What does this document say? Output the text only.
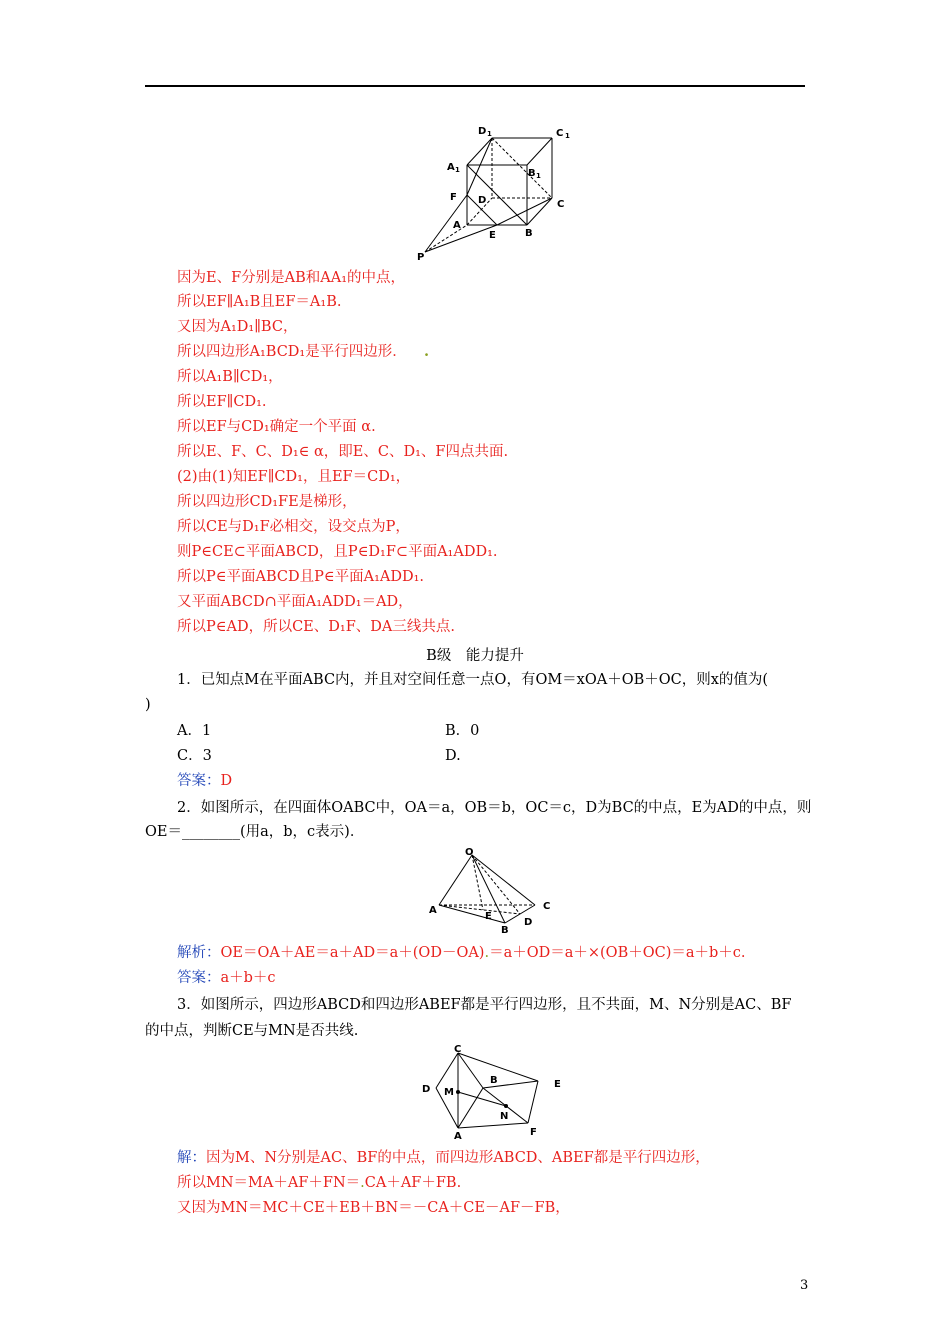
D 1	C 1
A 1	B 1
F D	C
A
E	B
P
因为E、F分别是AB和AA₁的中点，
所以EF∥A₁B且EF＝A₁B.
又因为A₁D₁∥BC，
所以四边形A₁BCD₁是平行四边形． .
所以A₁B∥CD₁，
所以EF∥CD₁.
所以EF与CD₁确定一个平面 α.
所以E、F、C、D₁∈ α，即E、C、D₁、F四点共面.
(2)由(1)知EF∥CD₁，且EF＝CD₁，
所以四边形CD₁FE是梯形，
所以CE与D₁F必相交，设交点为P，
则P∈CE⊂平面ABCD，且P∈D₁F⊂平面A₁ADD₁.
所以P∈平面ABCD且P∈平面A₁ADD₁.
又平面ABCD∩平面A₁ADD₁＝AD，
所以P∈AD，所以CE、D₁F、DA三线共点.
B级　能力提升
1．已知点M在平面ABC内，并且对空间任意一点O，有OM＝xOA＋OB＋OC，则x的值为(
)
A．1	B．0
C．3	D.
答案：D
2．如图所示，在四面体OABC中，OA＝a，OB＝b，OC＝c，D为BC的中点，E为AD的中点，则
OE＝________(用a，b，c表示)．
O
A
E
B
D
C
解析：OE＝OA＋AE＝a＋AD＝a＋(OD－OA).＝a＋OD＝a＋×(OB＋OC)＝a＋b＋c.
答案：a＋b＋c
3．如图所示，四边形ABCD和四边形ABEF都是平行四边形，且不共面，M、N分别是AC、BF
的中点，判断CE与MN是否共线.
C
B	E
D M
N
A	F
解：因为M、N分别是AC、BF的中点，而四边形ABCD、ABEF都是平行四边形，
所以MN＝MA＋AF＋FN＝.CA＋AF＋FB.
又因为MN＝MC＋CE＋EB＋BN＝－CA＋CE－AF－FB，
3
